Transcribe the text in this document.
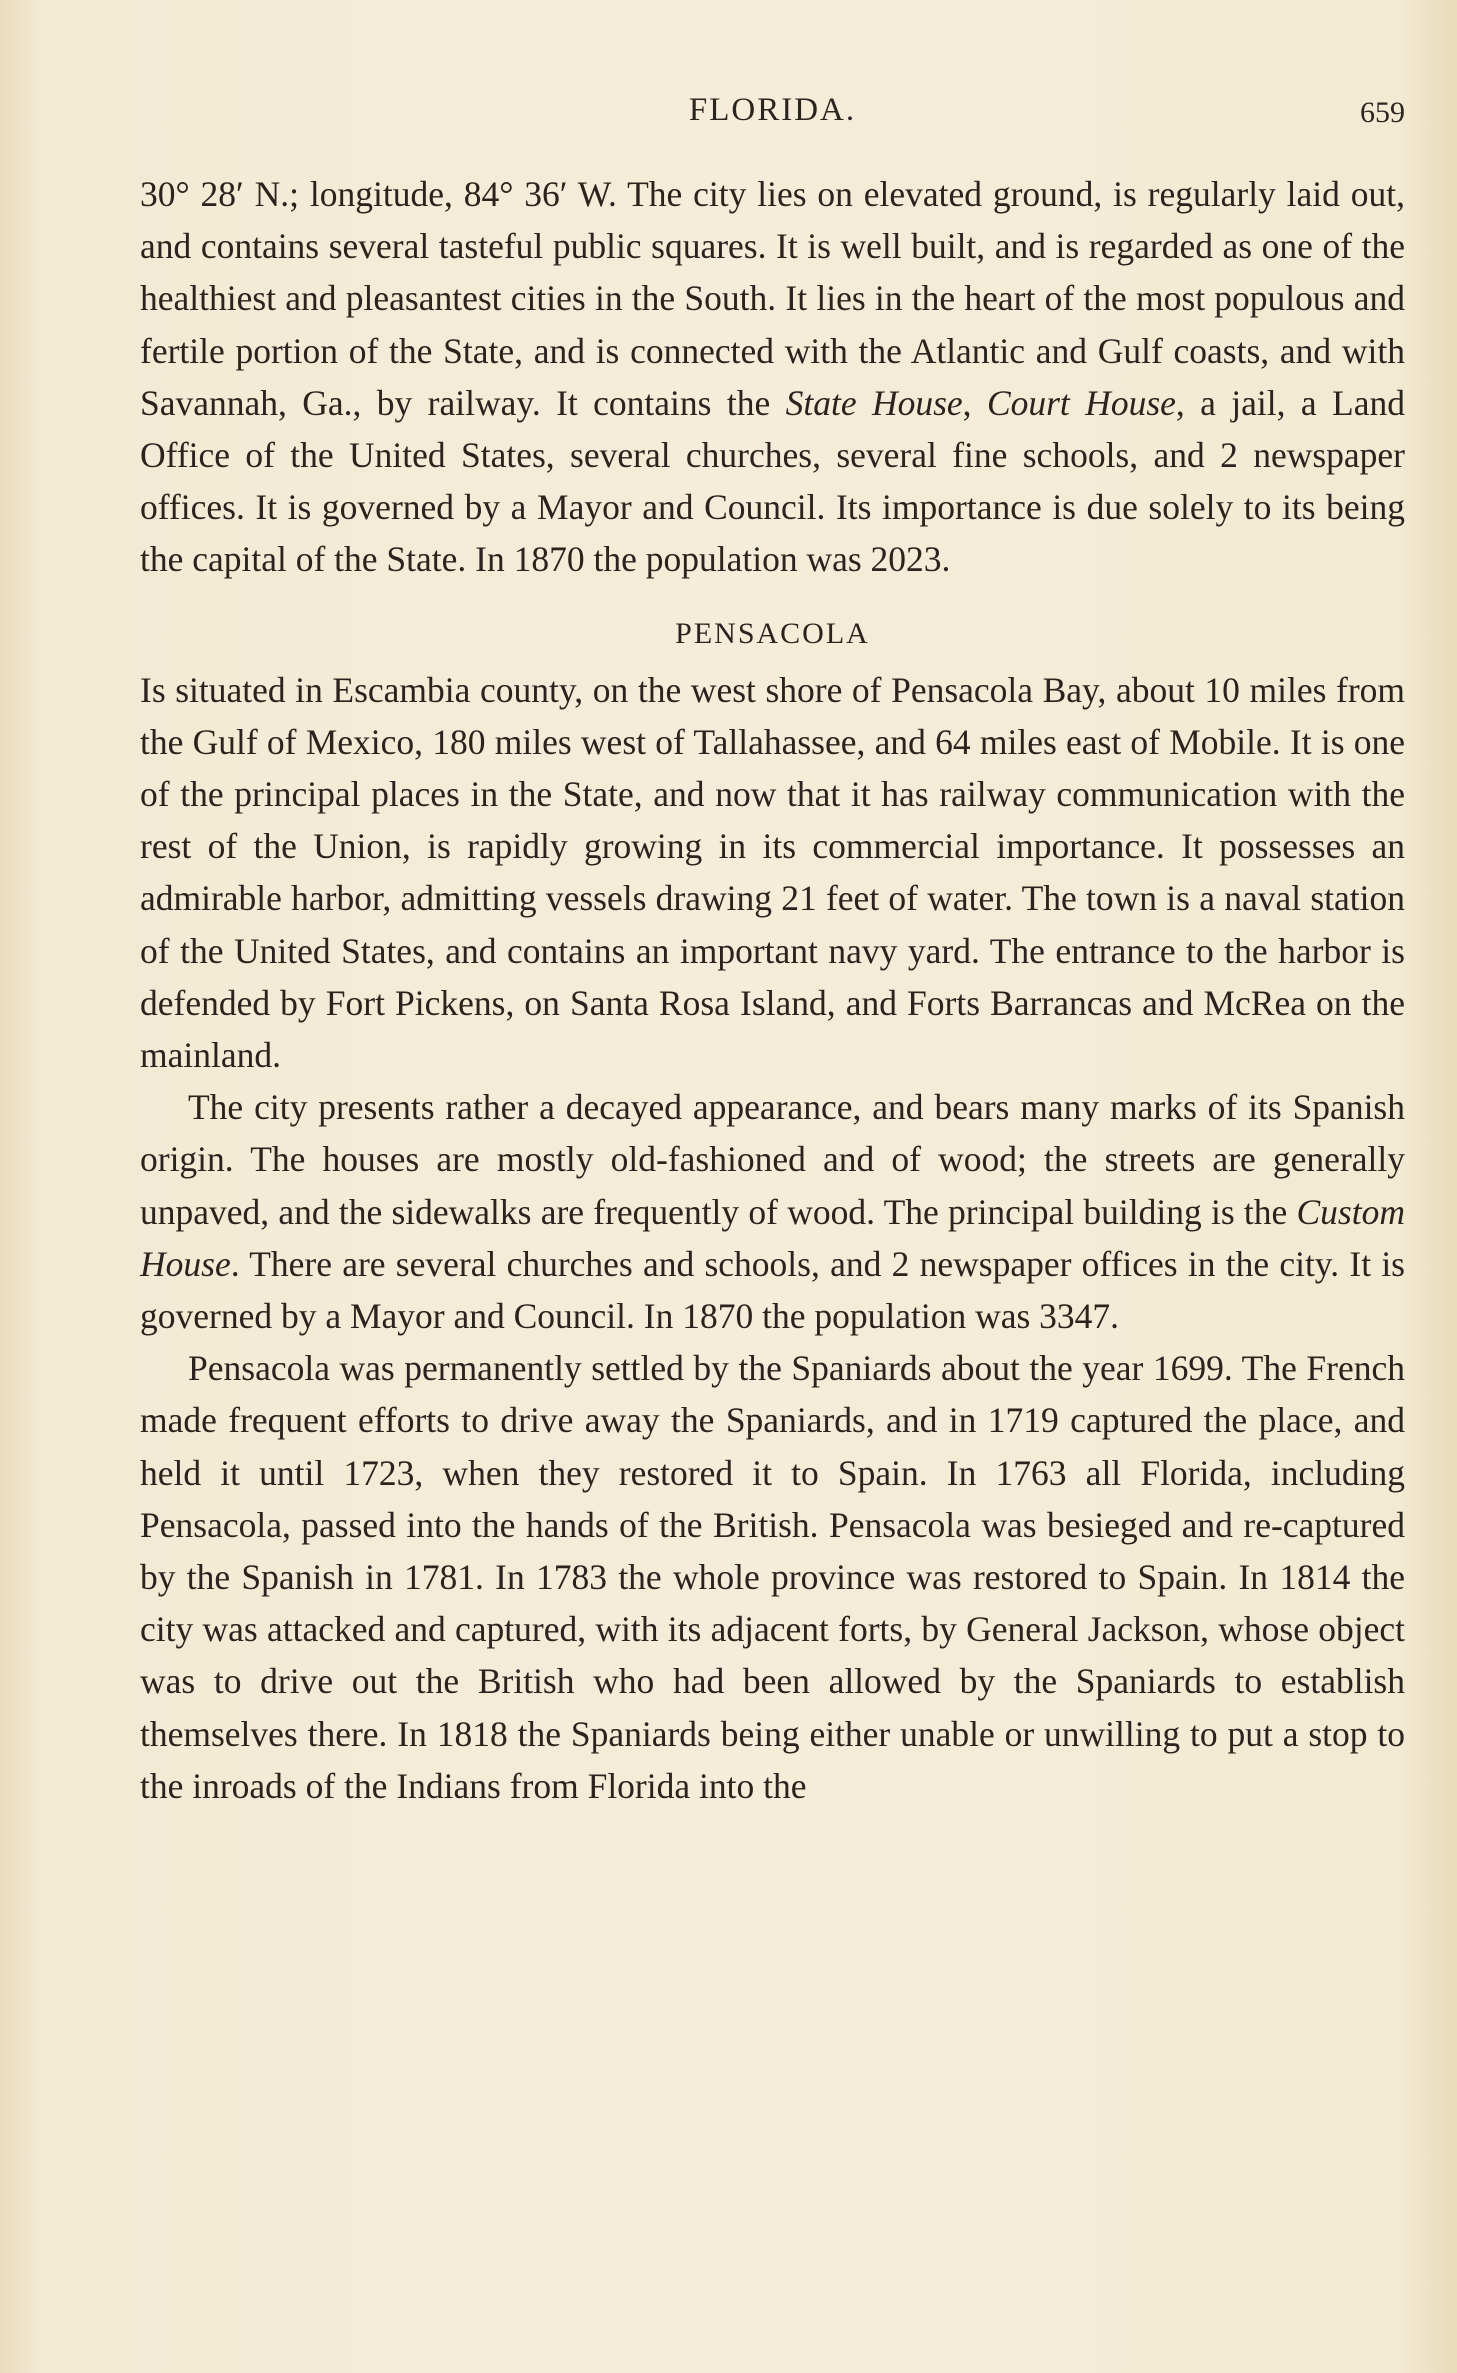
FLORIDA.	659

30° 28′ N.; longitude, 84° 36′ W. The city lies on elevated ground, is regularly laid out, and contains several tasteful public squares. It is well built, and is regarded as one of the healthiest and pleasantest cities in the South. It lies in the heart of the most populous and fertile portion of the State, and is connected with the Atlantic and Gulf coasts, and with Savannah, Ga., by railway. It contains the State House, Court House, a jail, a Land Office of the United States, several churches, several fine schools, and 2 newspaper offices. It is governed by a Mayor and Council. Its importance is due solely to its being the capital of the State. In 1870 the population was 2023.

PENSACOLA

Is situated in Escambia county, on the west shore of Pensacola Bay, about 10 miles from the Gulf of Mexico, 180 miles west of Tallahassee, and 64 miles east of Mobile. It is one of the principal places in the State, and now that it has railway communication with the rest of the Union, is rapidly growing in its commercial importance. It possesses an admirable harbor, admitting vessels drawing 21 feet of water. The town is a naval station of the United States, and contains an important navy yard. The entrance to the harbor is defended by Fort Pickens, on Santa Rosa Island, and Forts Barrancas and McRea on the mainland.

The city presents rather a decayed appearance, and bears many marks of its Spanish origin. The houses are mostly old-fashioned and of wood; the streets are generally unpaved, and the sidewalks are frequently of wood. The principal building is the Custom House. There are several churches and schools, and 2 newspaper offices in the city. It is governed by a Mayor and Council. In 1870 the population was 3347.

Pensacola was permanently settled by the Spaniards about the year 1699. The French made frequent efforts to drive away the Spaniards, and in 1719 captured the place, and held it until 1723, when they restored it to Spain. In 1763 all Florida, including Pensacola, passed into the hands of the British. Pensacola was besieged and re-captured by the Spanish in 1781. In 1783 the whole province was restored to Spain. In 1814 the city was attacked and captured, with its adjacent forts, by General Jackson, whose object was to drive out the British who had been allowed by the Spaniards to establish themselves there. In 1818 the Spaniards being either unable or unwilling to put a stop to the inroads of the Indians from Florida into the
